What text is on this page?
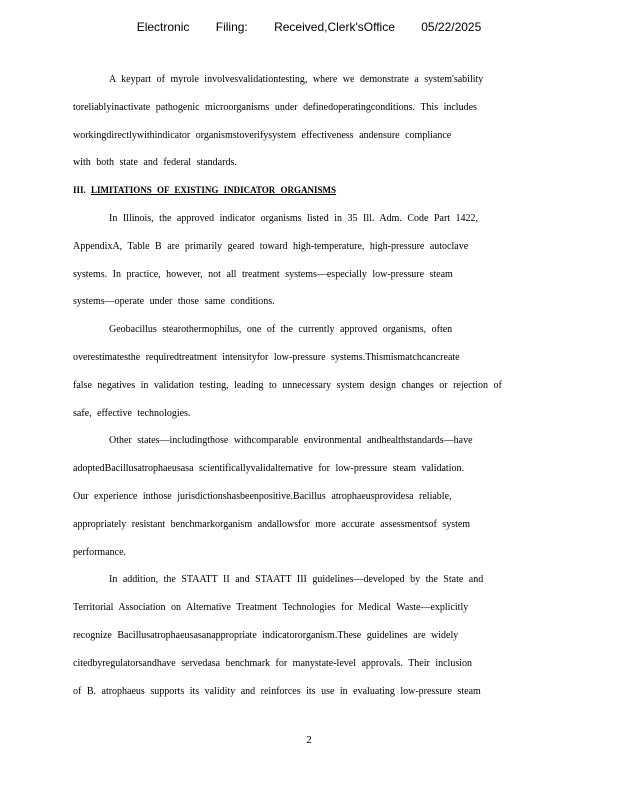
Electronic Filing: Received,Clerk'sOffice 05/22/2025

A keypart of myrole involvesvalidationtesting, where we demonstrate a system'sability
toreliablyinactivate pathogenic microorganisms under definedoperatingconditions. This includes
workingdirectlywithindicator organismstoverifysystem effectiveness andensure compliance
with both state and federal standards.

III. LIMITATIONS OF EXISTING INDICATOR ORGANISMS

In Illinois, the approved indicator organisms listed in 35 Ill. Adm. Code Part 1422,
AppendixA, Table B are primarily geared toward high-temperature, high-pressure autoclave
systems. In practice, however, not all treatment systems—especially low-pressure steam
systems—operate under those same conditions.

Geobacillus stearothermophilus, one of the currently approved organisms, often
overestimatesthe requiredtreatment intensityfor low-pressure systems.Thismismatchcancreate
false negatives in validation testing, leading to unnecessary system design changes or rejection of
safe, effective technologies.

Other states—includingthose withcomparable environmental andhealthstandards—have
adoptedBacillusatrophaeusasa scientificallyvalidalternative for low-pressure steam validation.
Our experience inthose jurisdictionshasbeenpositive.Bacillus atrophaeusprovidesa reliable,
appropriately resistant benchmarkorganism andallowsfor more accurate assessmentsof system
performance.

In addition, the STAATT II and STAATT III guidelines—developed by the State and
Territorial Association on Alternative Treatment Technologies for Medical Waste—explicitly
recognize Bacillusatrophaeusasanappropriate indicatororganism.These guidelines are widely
citedbyregulatorsandhave servedasa benchmark for manystate-level approvals. Their inclusion
of B. atrophaeus supports its validity and reinforces its use in evaluating low-pressure steam

2
